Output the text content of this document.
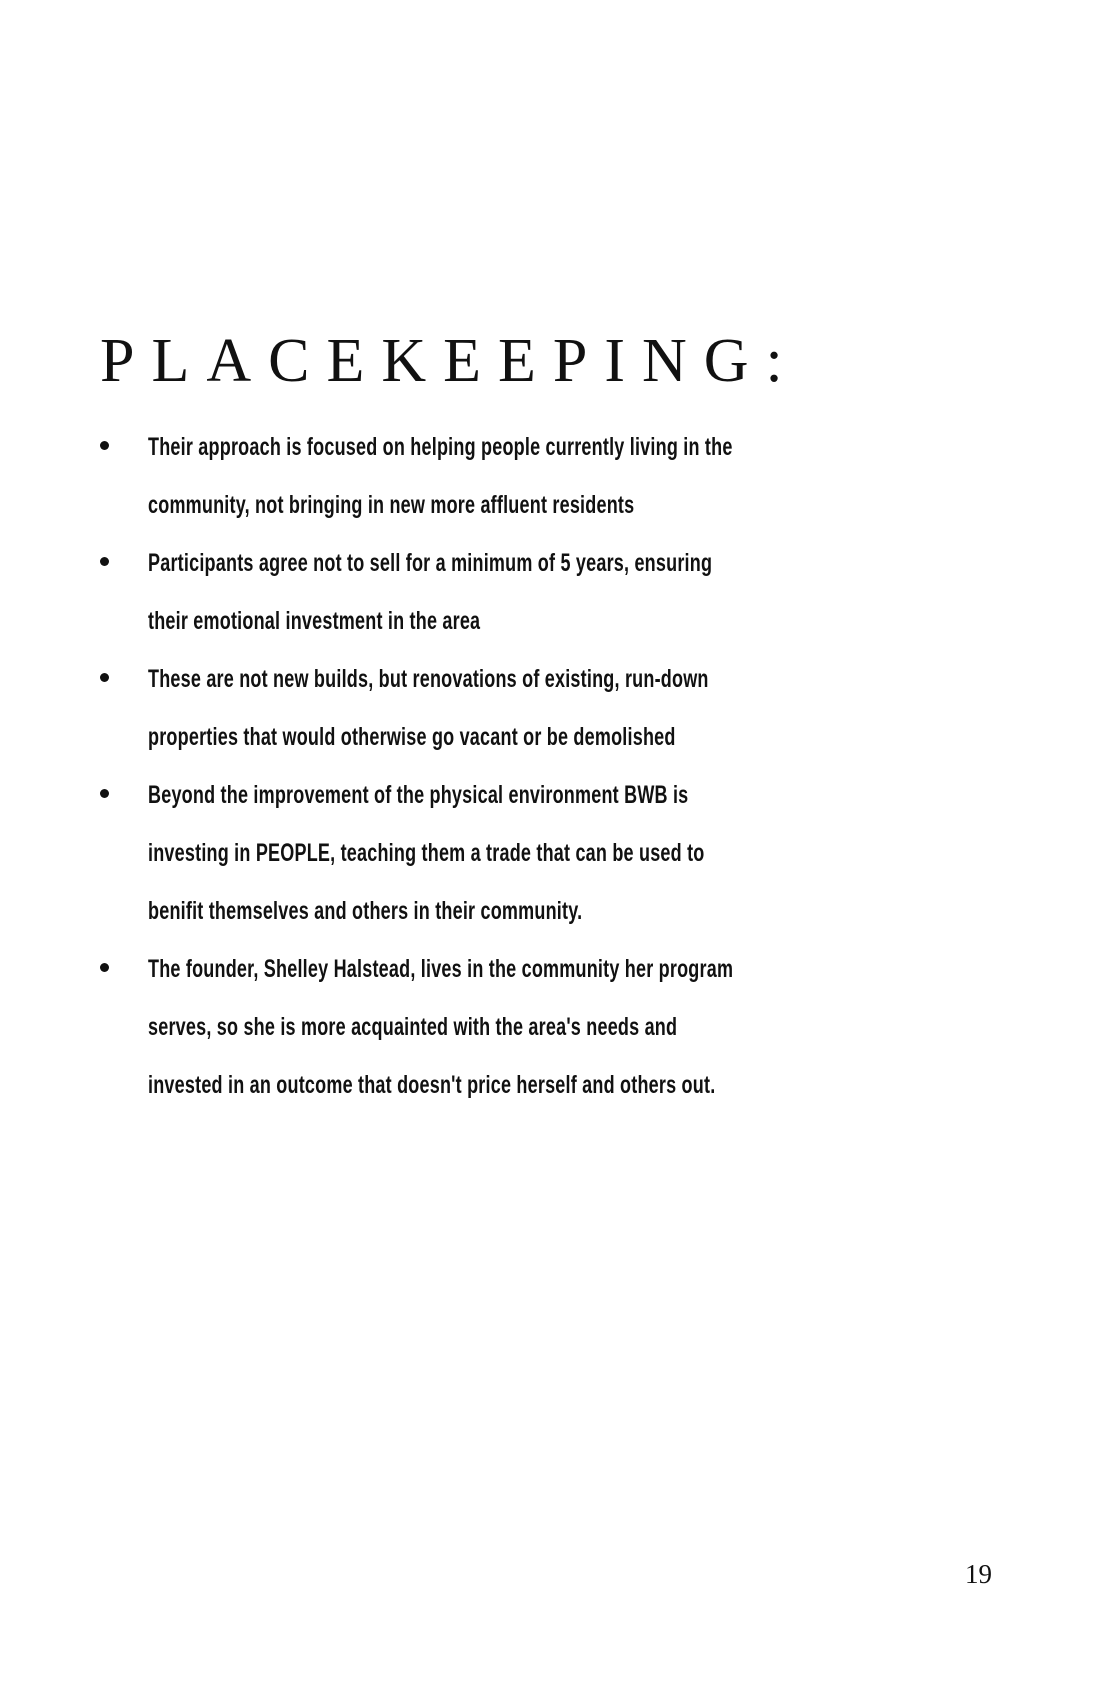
PLACEKEEPING:
Their approach is focused on helping people currently living in the
community, not bringing in new more affluent residents
Participants agree not to sell for a minimum of 5 years, ensuring
their emotional investment in the area
These are not new builds, but renovations of existing, run-down
properties that would otherwise go vacant or be demolished
Beyond the improvement of the physical environment BWB is
investing in PEOPLE, teaching them a trade that can be used to
benifit themselves and others in their community.
The founder, Shelley Halstead, lives in the community her program
serves, so she is more acquainted with the area's needs and
invested in an outcome that doesn't price herself and others out.
19
